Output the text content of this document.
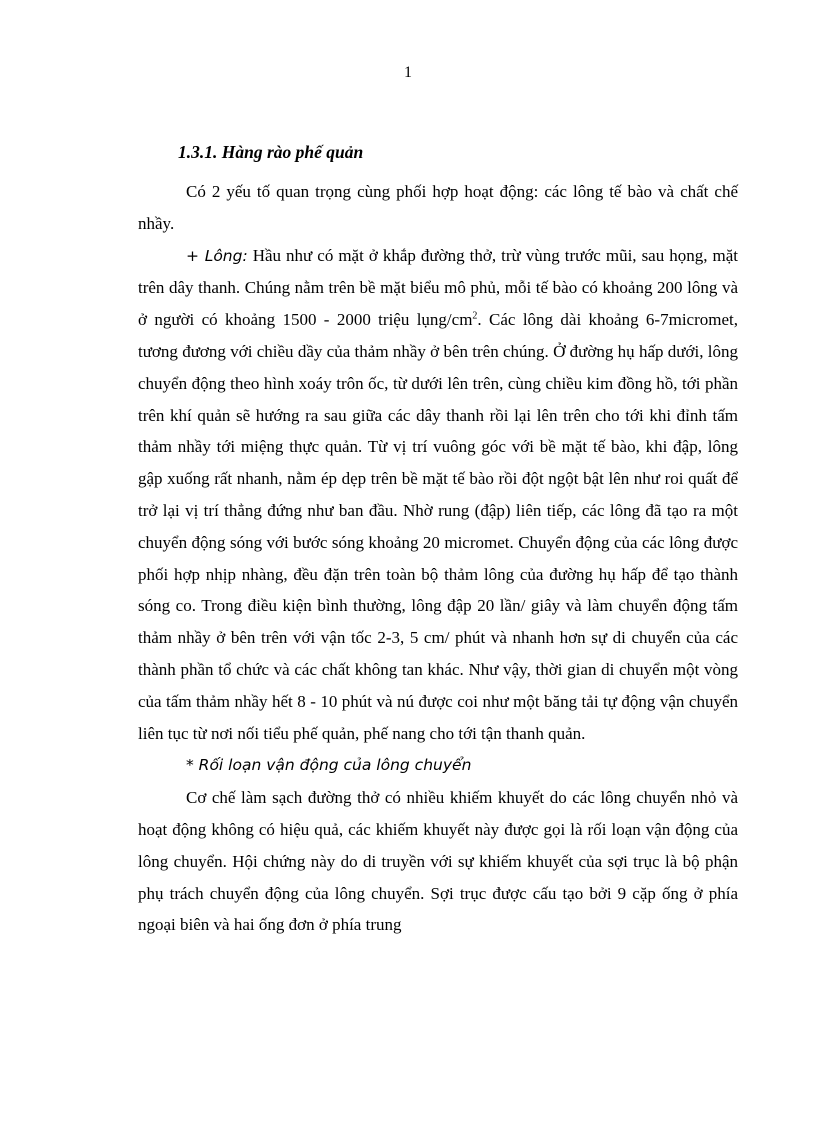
1
1.3.1. Hàng rào phế quản

Có 2 yếu tố quan trọng cùng phối hợp hoạt động: các lông tế bào và chất chế nhầy.

+ Lông: Hầu như có mặt ở khắp đường thở, trừ vùng trước mũi, sau họng, mặt trên dây thanh. Chúng nằm trên bề mặt biểu mô phủ, mỗi tế bào có khoảng 200 lông và ở người có khoảng 1500 - 2000 triệu lụng/$cm^2$. Các lông dài khoảng 6-7micromet, tương đương với chiều dầy của thảm nhầy ở bên trên chúng. Ở đường hụ hấp dưới, lông chuyển động theo hình xoáy trôn ốc, từ dưới lên trên, cùng chiều kim đồng hồ, tới phần trên khí quản sẽ hướng ra sau giữa các dây thanh rồi lại lên trên cho tới khi đỉnh tấm thảm nhầy tới miệng thực quản. Từ vị trí vuông góc với bề mặt tế bào, khi đập, lông gập xuống rất nhanh, nằm ép dẹp trên bề mặt tế bào rồi đột ngột bật lên như roi quất để trở lại vị trí thẳng đứng như ban đầu. Nhờ rung (đập) liên tiếp, các lông đã tạo ra một chuyển động sóng với bước sóng khoảng 20 micromet. Chuyển động của các lông được phối hợp nhịp nhàng, đều đặn trên toàn bộ thảm lông của đường hụ hấp để tạo thành sóng co. Trong điều kiện bình thường, lông đập 20 lần/ giây và làm chuyển động tấm thảm nhầy ở bên trên với vận tốc 2-3, 5 cm/ phút và nhanh hơn sự di chuyển của các thành phần tổ chức và các chất không tan khác. Như vậy, thời gian di chuyển một vòng của tấm thảm nhầy hết 8 - 10 phút và nú được coi như một băng tải tự động vận chuyển liên tục từ nơi nối tiểu phế quản, phế nang cho tới tận thanh quản.

* Rối loạn vận động của lông chuyển

Cơ chế làm sạch đường thở có nhiều khiếm khuyết do các lông chuyển nhỏ và hoạt động không có hiệu quả, các khiếm khuyết này được gọi là rối loạn vận động của lông chuyển. Hội chứng này do di truyền với sự khiếm khuyết của sợi trục là bộ phận phụ trách chuyển động của lông chuyển. Sợi trục được cấu tạo bởi 9 cặp ống ở phía ngoại biên và hai ống đơn ở phía trung
